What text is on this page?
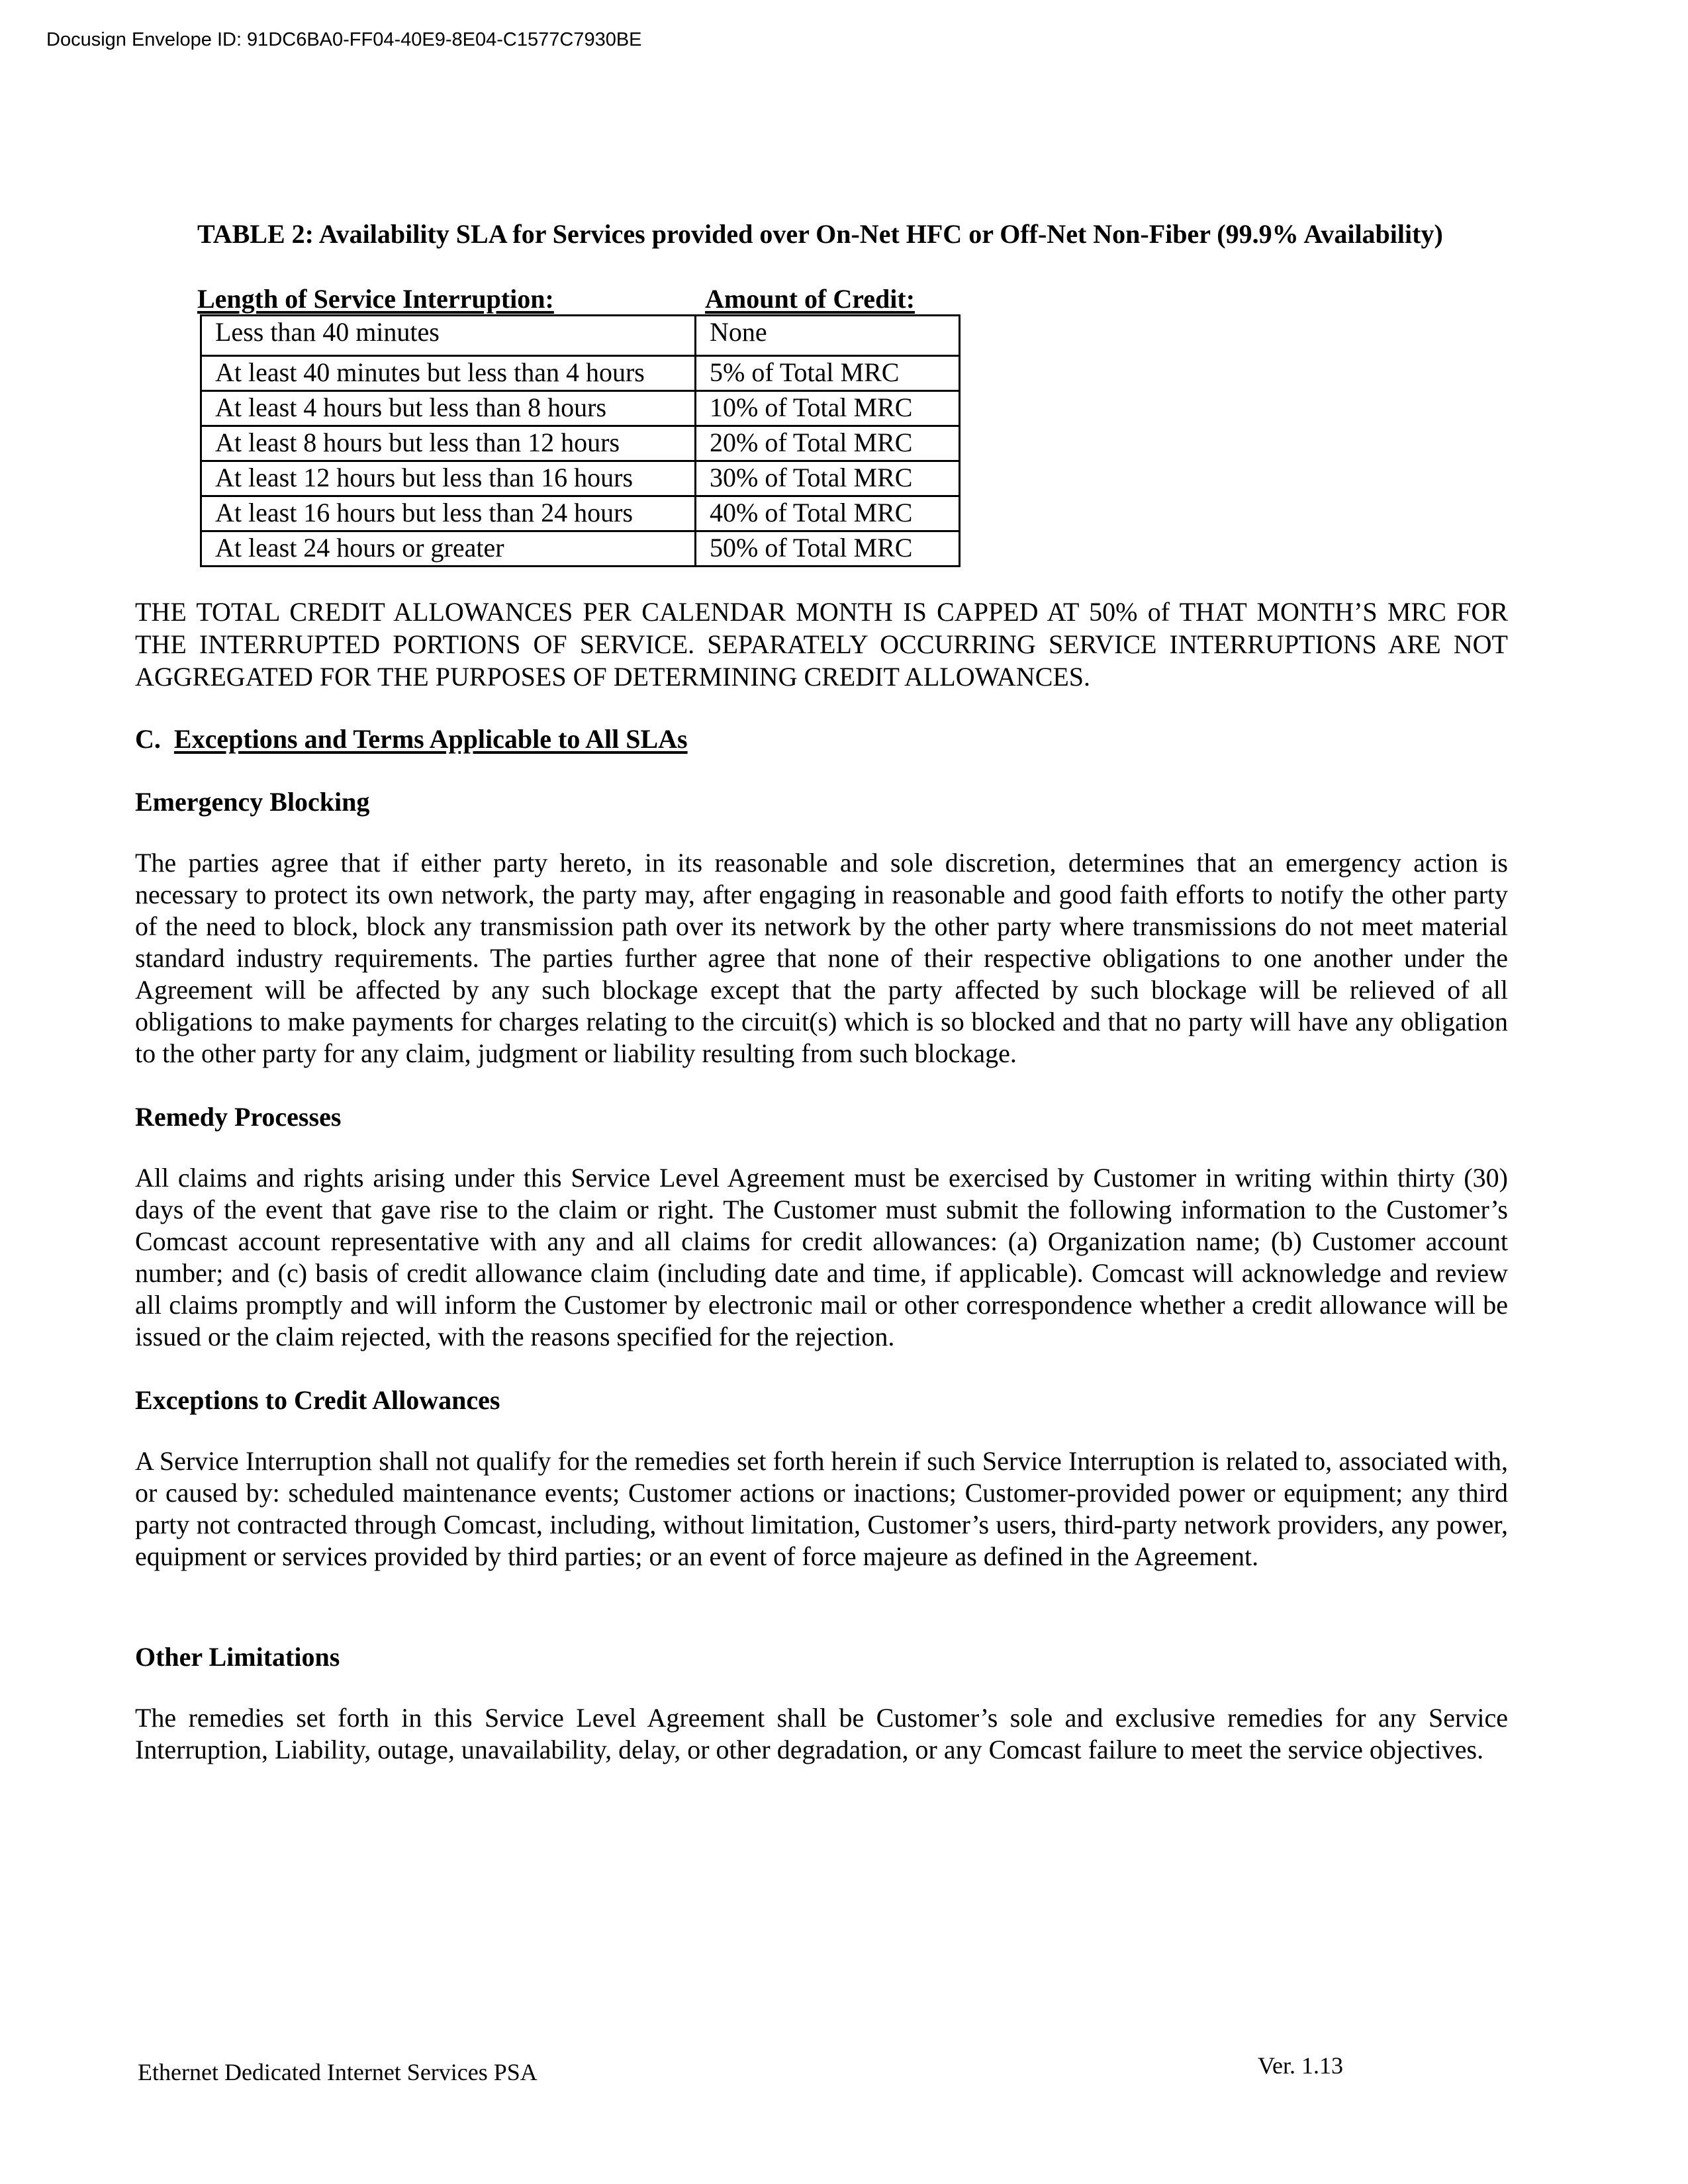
Docusign Envelope ID: 91DC6BA0-FF04-40E9-8E04-C1577C7930BE
TABLE 2: Availability SLA for Services provided over On-Net HFC or Off-Net Non-Fiber (99.9% Availability)
Length of Service Interruption:	Amount of Credit:
Less than 40 minutes	None
At least 40 minutes but less than 4 hours	5% of Total MRC
At least 4 hours but less than 8 hours	10% of Total MRC
At least 8 hours but less than 12 hours	20% of Total MRC
At least 12 hours but less than 16 hours	30% of Total MRC
At least 16 hours but less than 24 hours	40% of Total MRC
At least 24 hours or greater	50% of Total MRC
THE TOTAL CREDIT ALLOWANCES PER CALENDAR MONTH IS CAPPED AT 50% of THAT MONTH’S MRC FOR THE INTERRUPTED PORTIONS OF SERVICE. SEPARATELY OCCURRING SERVICE INTERRUPTIONS ARE NOT AGGREGATED FOR THE PURPOSES OF DETERMINING CREDIT ALLOWANCES.
C. Exceptions and Terms Applicable to All SLAs
Emergency Blocking
The parties agree that if either party hereto, in its reasonable and sole discretion, determines that an emergency action is necessary to protect its own network, the party may, after engaging in reasonable and good faith efforts to notify the other party of the need to block, block any transmission path over its network by the other party where transmissions do not meet material standard industry requirements. The parties further agree that none of their respective obligations to one another under the Agreement will be affected by any such blockage except that the party affected by such blockage will be relieved of all obligations to make payments for charges relating to the circuit(s) which is so blocked and that no party will have any obligation to the other party for any claim, judgment or liability resulting from such blockage.
Remedy Processes
All claims and rights arising under this Service Level Agreement must be exercised by Customer in writing within thirty (30) days of the event that gave rise to the claim or right. The Customer must submit the following information to the Customer’s Comcast account representative with any and all claims for credit allowances: (a) Organization name; (b) Customer account number; and (c) basis of credit allowance claim (including date and time, if applicable). Comcast will acknowledge and review all claims promptly and will inform the Customer by electronic mail or other correspondence whether a credit allowance will be issued or the claim rejected, with the reasons specified for the rejection.
Exceptions to Credit Allowances
A Service Interruption shall not qualify for the remedies set forth herein if such Service Interruption is related to, associated with, or caused by: scheduled maintenance events; Customer actions or inactions; Customer-provided power or equipment; any third party not contracted through Comcast, including, without limitation, Customer’s users, third-party network providers, any power, equipment or services provided by third parties; or an event of force majeure as defined in the Agreement.
Other Limitations
The remedies set forth in this Service Level Agreement shall be Customer’s sole and exclusive remedies for any Service Interruption, Liability, outage, unavailability, delay, or other degradation, or any Comcast failure to meet the service objectives.
Ethernet Dedicated Internet Services PSA	Ver. 1.13
